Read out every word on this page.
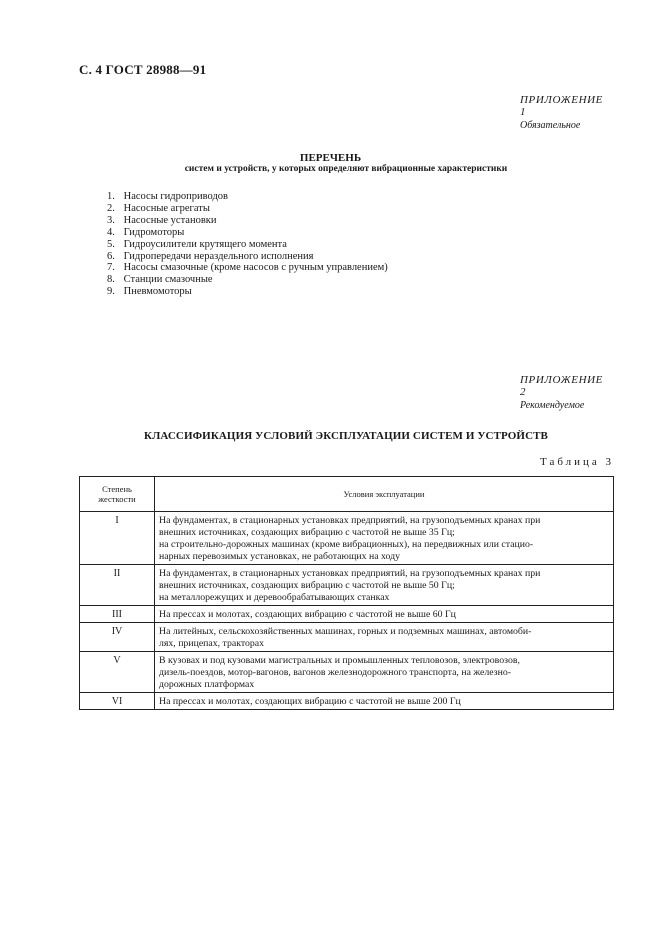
С. 4 ГОСТ 28988—91
ПРИЛОЖЕНИЕ 1
Обязательное
ПЕРЕЧЕНЬ
систем и устройств, у которых определяют вибрационные характеристики
1. Насосы гидроприводов
2. Насосные агрегаты
3. Насосные установки
4. Гидромоторы
5. Гидроусилители крутящего момента
6. Гидропередачи нераздельного исполнения
7. Насосы смазочные (кроме насосов с ручным управлением)
8. Станции смазочные
9. Пневмомоторы
ПРИЛОЖЕНИЕ 2
Рекомендуемое
КЛАССИФИКАЦИЯ УСЛОВИЙ ЭКСПЛУАТАЦИИ СИСТЕМ И УСТРОЙСТВ
Таблица 3
Степень
жесткости	Условия эксплуатации
I	На фундаментах, в стационарных установках предприятий, на грузоподъемных кранах при
внешних источниках, создающих вибрацию с частотой не выше 35 Гц;
на строительно-дорожных машинах (кроме вибрационных), на передвижных или стацио-
нарных перевозимых установках, не работающих на ходу

II	На фундаментах, в стационарных установках предприятий, на грузоподъемных кранах при
внешних источниках, создающих вибрацию с частотой не выше 50 Гц;
на металлорежущих и деревообрабатывающих станках

III	На прессах и молотах, создающих вибрацию с частотой не выше 60 Гц

IV	На литейных, сельскохозяйственных машинах, горных и подземных машинах, автомоби-
лях, прицепах, тракторах

V	В кузовах и под кузовами магистральных и промышленных тепловозов, электровозов,
дизель-поездов, мотор-вагонов, вагонов железнодорожного транспорта, на железно-
дорожных платформах

VI	На прессах и молотах, создающих вибрацию с частотой не выше 200 Гц
